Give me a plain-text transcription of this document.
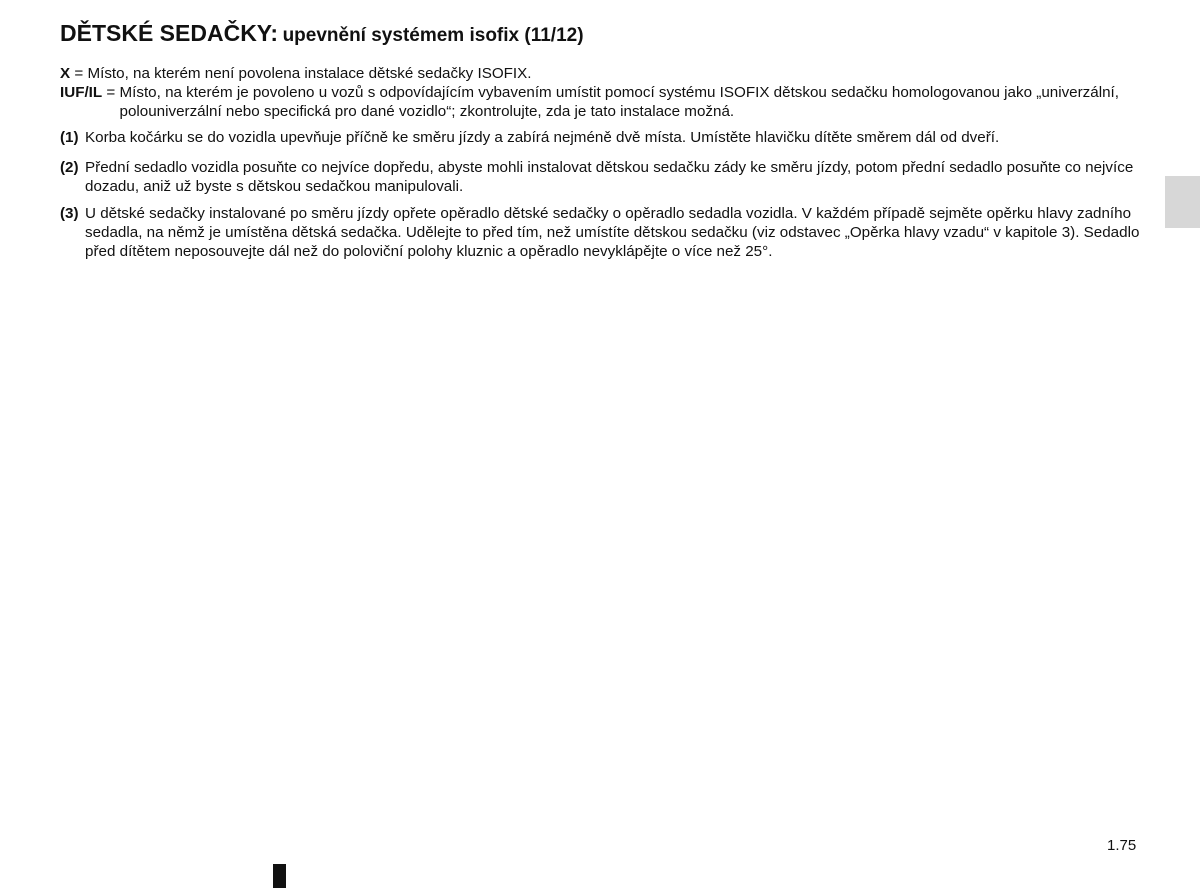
DĚTSKÉ SEDAČKY: upevnění systémem isofix (11/12)
X = Místo, na kterém není povolena instalace dětské sedačky ISOFIX.
IUF/IL = Místo, na kterém je povoleno u vozů s odpovídajícím vybavením umístit pomocí systému ISOFIX dětskou sedačku homologovanou jako „univerzální, polouniverzální nebo specifická pro dané vozidlo“; zkontrolujte, zda je tato instalace možná.
(1) Korba kočárku se do vozidla upevňuje příčně ke směru jízdy a zabírá nejméně dvě místa. Umístěte hlavičku dítěte směrem dál od dveří.
(2) Přední sedadlo vozidla posuňte co nejvíce dopředu, abyste mohli instalovat dětskou sedačku zády ke směru jízdy, potom přední sedadlo posuňte co nejvíce dozadu, aniž už byste s dětskou sedačkou manipulovali.
(3) U dětské sedačky instalované po směru jízdy opřete opěradlo dětské sedačky o opěradlo sedadla vozidla. V každém případě sejměte opěrku hlavy zadního sedadla, na němž je umístěna dětská sedačka. Udělejte to před tím, než umístíte dětskou sedačku (viz odstavec „Opěrka hlavy vzadu“ v kapitole 3). Sedadlo před dítětem neposouvejte dál než do poloviční polohy kluznic a opěradlo nevyklápějte o více než 25°.
1.75
